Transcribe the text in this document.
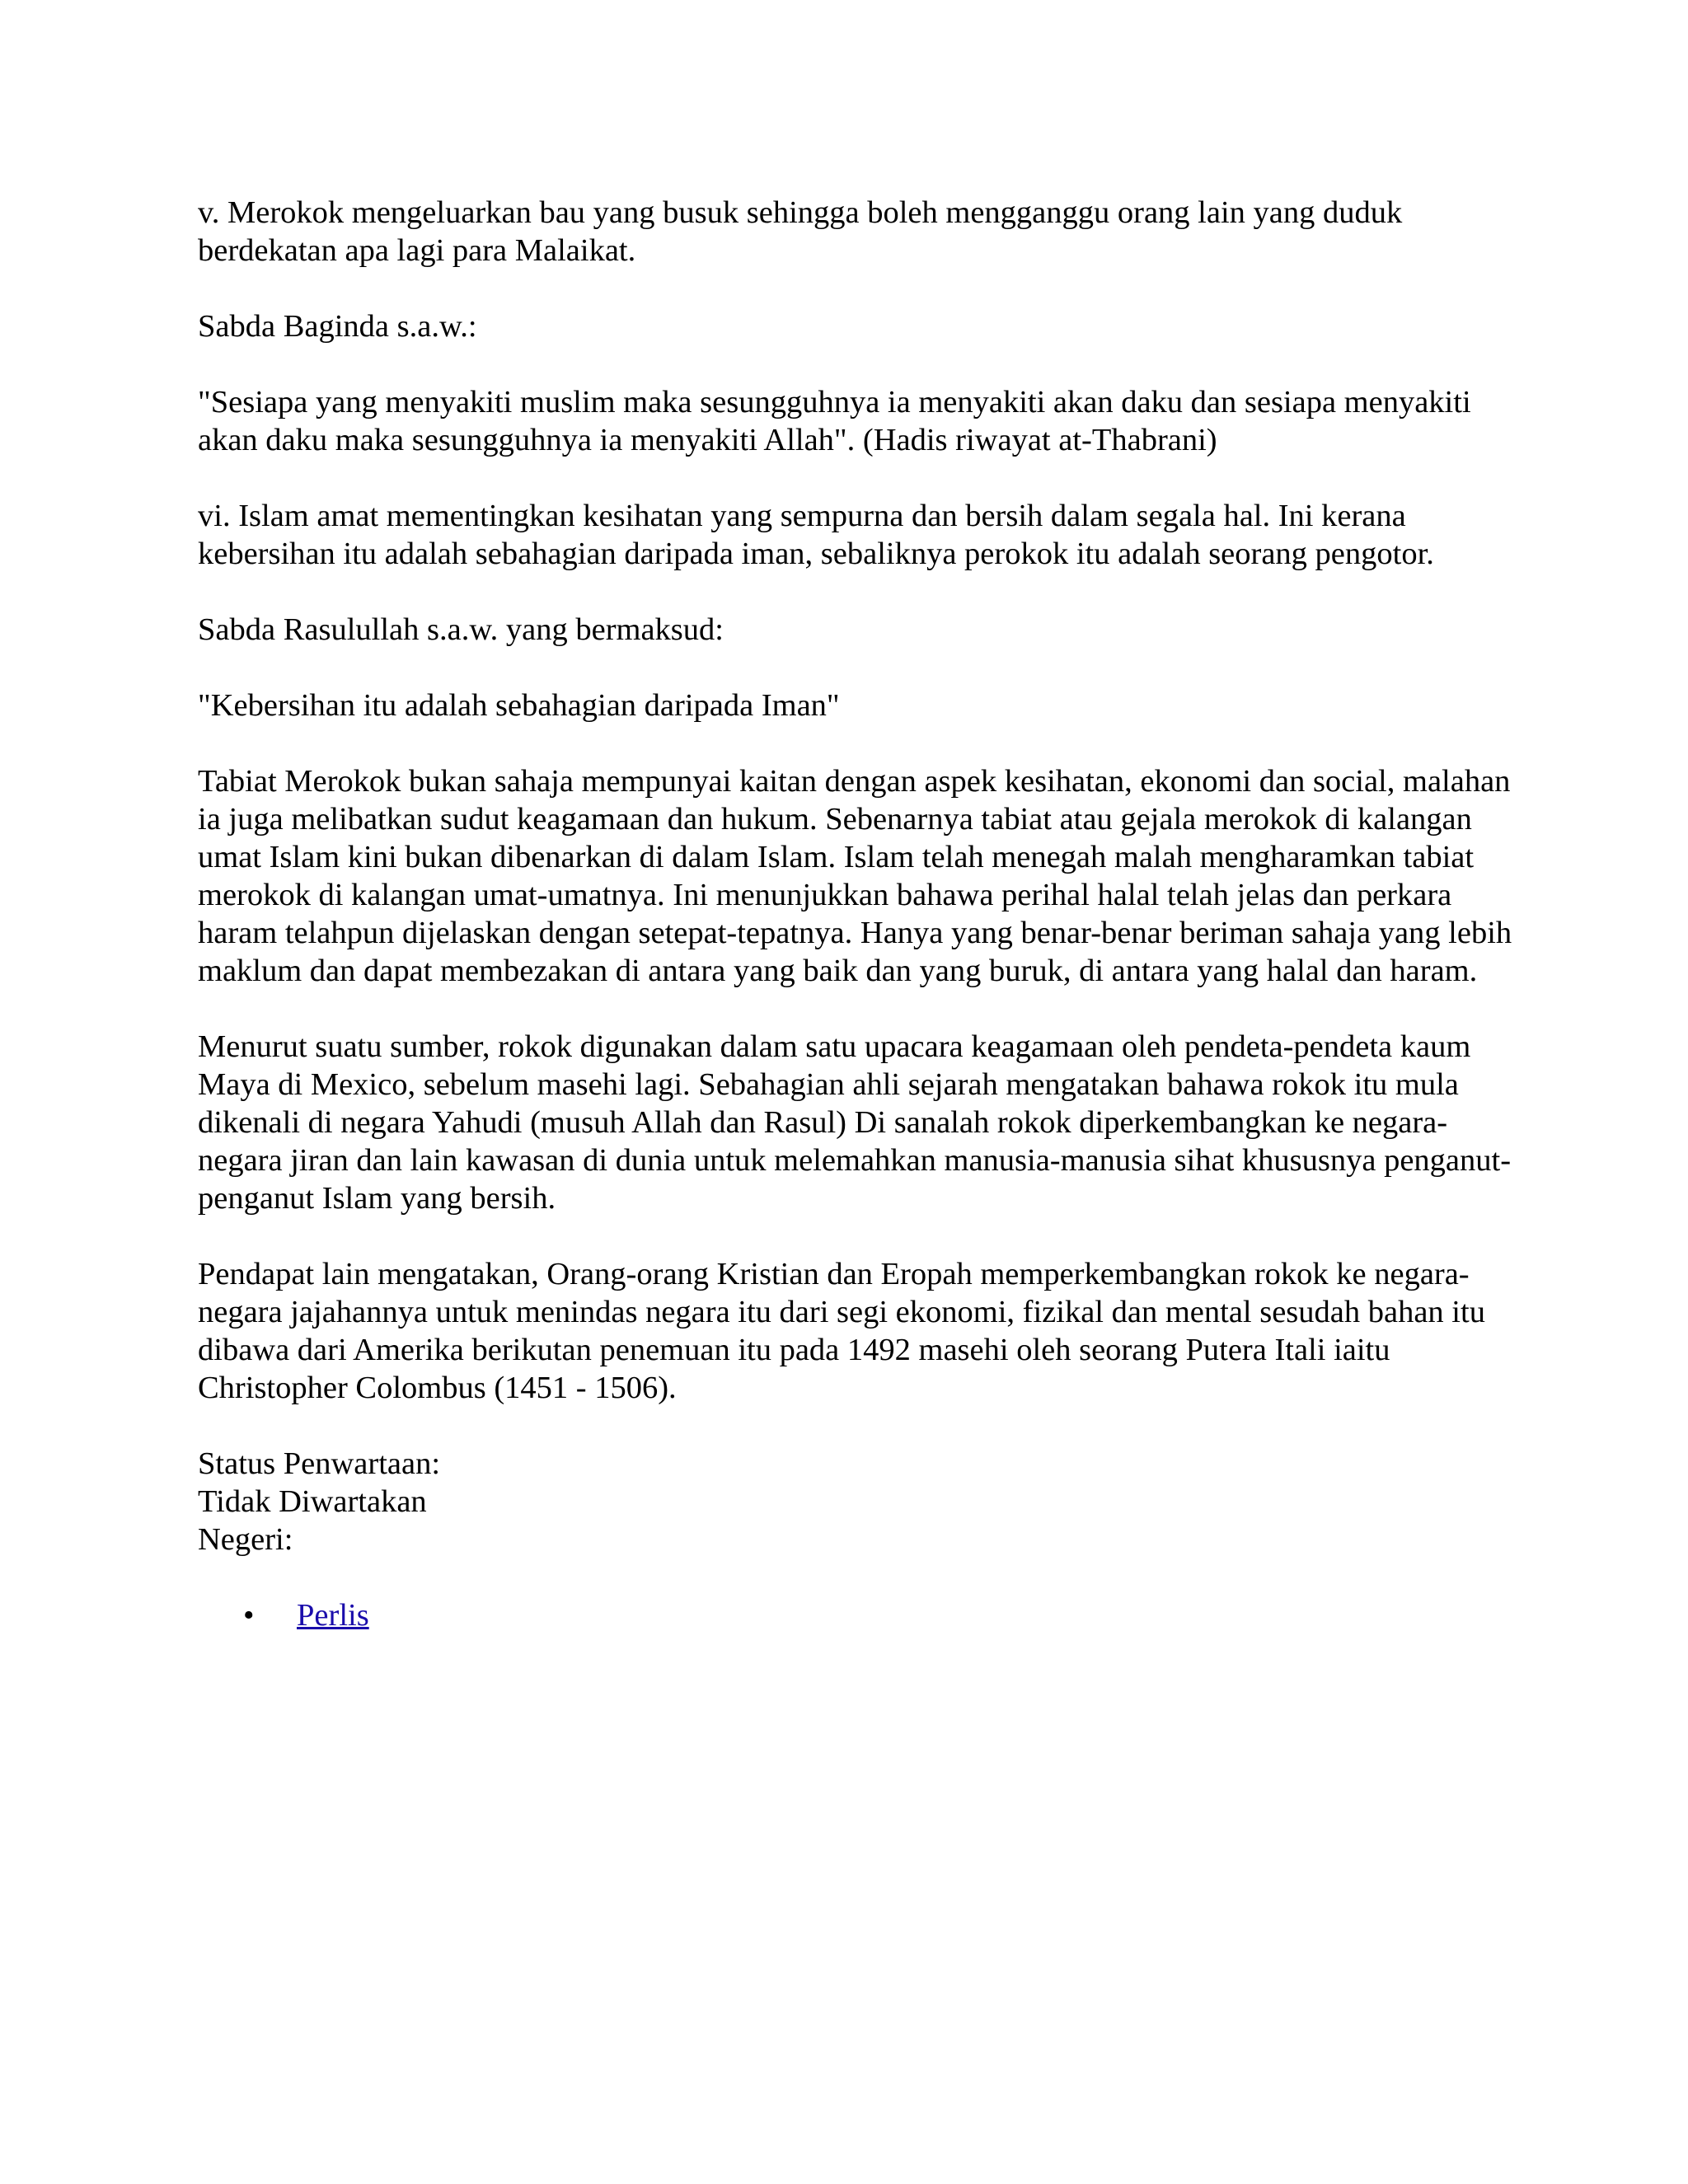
v. Merokok mengeluarkan bau yang busuk sehingga boleh mengganggu orang lain yang duduk berdekatan apa lagi para Malaikat.

Sabda Baginda s.a.w.:

"Sesiapa yang menyakiti muslim maka sesungguhnya ia menyakiti akan daku dan sesiapa menyakiti akan daku maka sesungguhnya ia menyakiti Allah". (Hadis riwayat at-Thabrani)

vi. Islam amat mementingkan kesihatan yang sempurna dan bersih dalam segala hal. Ini kerana kebersihan itu adalah sebahagian daripada iman, sebaliknya perokok itu adalah seorang pengotor.

Sabda Rasulullah s.a.w. yang bermaksud:

"Kebersihan itu adalah sebahagian daripada Iman"

Tabiat Merokok bukan sahaja mempunyai kaitan dengan aspek kesihatan, ekonomi dan social, malahan ia juga melibatkan sudut keagamaan dan hukum. Sebenarnya tabiat atau gejala merokok di kalangan umat Islam kini bukan dibenarkan di dalam Islam. Islam telah menegah malah mengharamkan tabiat merokok di kalangan umat-umatnya. Ini menunjukkan bahawa perihal halal telah jelas dan perkara haram telahpun dijelaskan dengan setepat-tepatnya. Hanya yang benar-benar beriman sahaja yang lebih maklum dan dapat membezakan di antara yang baik dan yang buruk, di antara yang halal dan haram.

Menurut suatu sumber, rokok digunakan dalam satu upacara keagamaan oleh pendeta-pendeta kaum Maya di Mexico, sebelum masehi lagi. Sebahagian ahli sejarah mengatakan bahawa rokok itu mula dikenali di negara Yahudi (musuh Allah dan Rasul) Di sanalah rokok diperkembangkan ke negara-negara jiran dan lain kawasan di dunia untuk melemahkan manusia-manusia sihat khususnya penganut-penganut Islam yang bersih.

Pendapat lain mengatakan, Orang-orang Kristian dan Eropah memperkembangkan rokok ke negara-negara jajahannya untuk menindas negara itu dari segi ekonomi, fizikal dan mental sesudah bahan itu dibawa dari Amerika berikutan penemuan itu pada 1492 masehi oleh seorang Putera Itali iaitu Christopher Colombus (1451 - 1506).

Status Penwartaan:
Tidak Diwartakan
Negeri:

• Perlis
